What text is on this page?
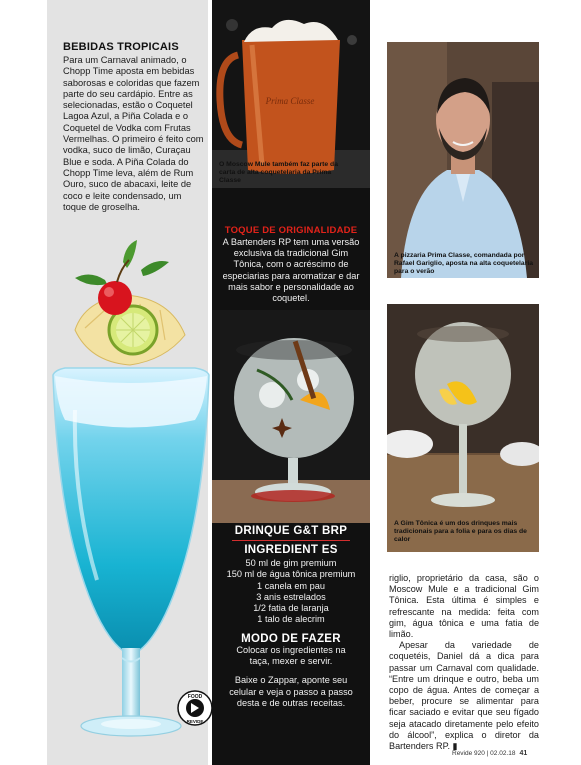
BEBIDAS TROPICAIS
Para um Carnaval animado, o Chopp Time aposta em bebidas saborosas e coloridas que fazem parte do seu cardápio. Entre as selecionadas, estão o Coquetel Lagoa Azul, a Piña Colada e o Coquetel de Vodka com Frutas Vermelhas. O primeiro é feito com vodka, suco de limão, Curaçau Blue e soda. A Piña Colada do Chopp Time leva, além de Rum Ouro, suco de abacaxi, leite de coco e leite condensado, um toque de groselha.
Prima Classe
O Moscow Mule também faz parte da carta de alta coquetelaria da Prima Classe
A pizzaria Prima Classe, comandada por Rafael Gariglio, aposta na alta coquetelaria para o verão
TOQUE DE ORIGINALIDADE
A Bartenders RP tem uma versão exclusiva da tradicional Gim Tônica, com o acréscimo de especiarias para aromatizar e dar mais sabor e personalidade ao coquetel.
DRINQUE G&T BRP
INGREDIENT ES
50 ml de gim premium
150 ml de água tônica premium
1 canela em pau
3 anis estrelados
1/2 fatia de laranja
1 talo de alecrim
MODO DE FAZER
Colocar os ingredientes na taça, mexer e servir.
Baixe o Zappar, aponte seu celular e veja o passo a passo desta e de outras receitas.
FOOD
REVIDE
A Gim Tônica é um dos drinques mais tradicionais para a folia e para os dias de calor

riglio, proprietário da casa, são o Moscow Mule e a tradicional Gim Tônica. Esta última é simples e refrescante na medida: feita com gim, água tônica e uma fatia de limão.

Apesar da variedade de coquetéis, Daniel dá a dica para passar um Carnaval com qualidade. “Entre um drinque e outro, beba um copo de água. Antes de começar a beber, procure se alimentar para ficar saciado e evitar que seu fígado seja atacado diretamente pelo efeito do álcool”, explica o diretor da Bartenders RP. ▮

Revide 920 | 02.02.18 41
